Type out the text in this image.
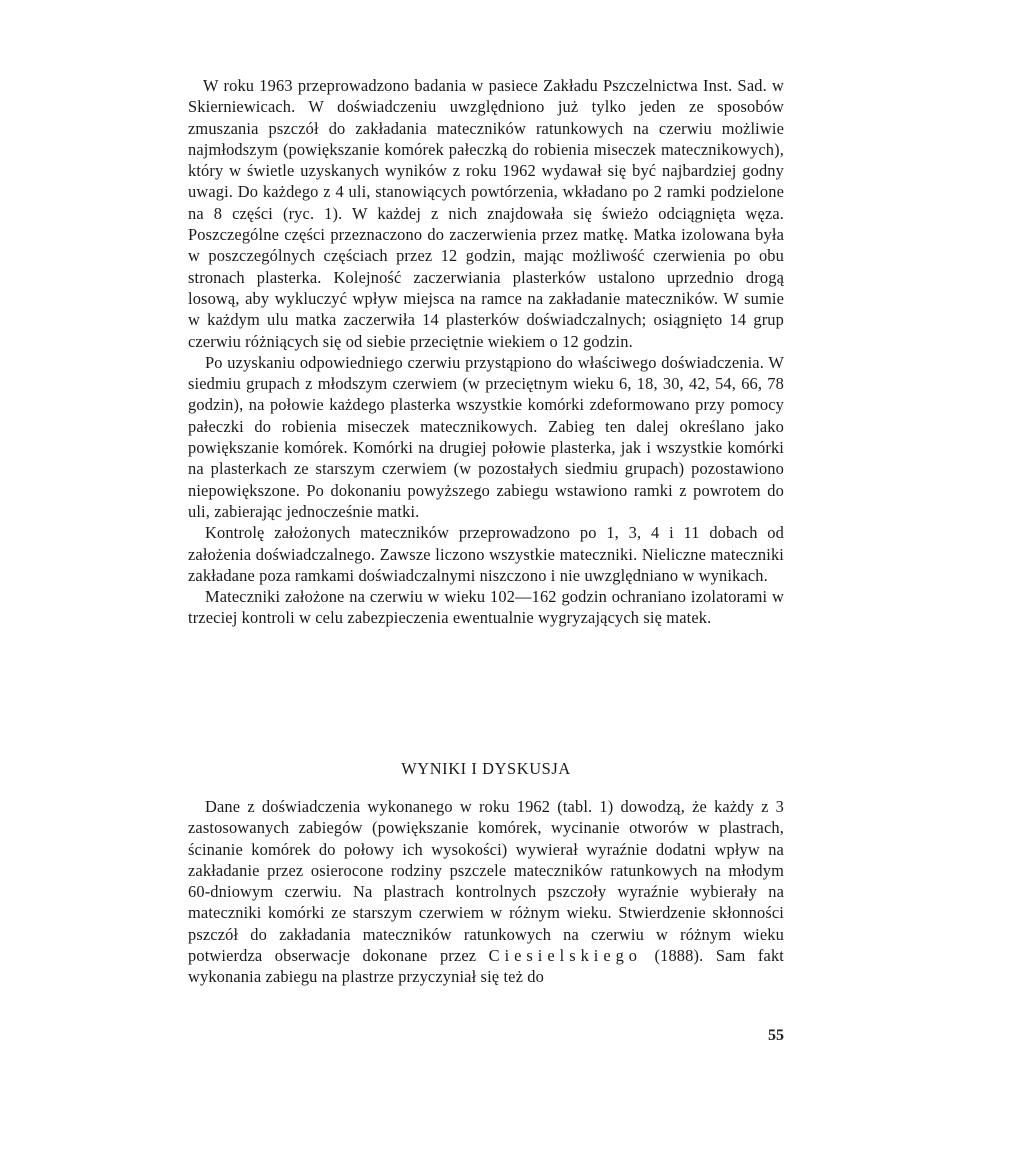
W roku 1963 przeprowadzono badania w pasiece Zakładu Pszczelnictwa Inst. Sad. w Skierniewicach. W doświadczeniu uwzględniono już tylko jeden ze sposobów zmuszania pszczół do zakładania mateczników ratunkowych na czerwiu możliwie najmłodszym (powiększanie komórek pałeczką do robienia miseczek matecznikowych), który w świetle uzyskanych wyników z roku 1962 wydawał się być najbardziej godny uwagi. Do każdego z 4 uli, stanowiących powtórzenia, wkładano po 2 ramki podzielone na 8 części (ryc. 1). W każdej z nich znajdowała się świeżo odciągnięta węza. Poszczególne części przeznaczono do zaczerwienia przez matkę. Matka izolowana była w poszczególnych częściach przez 12 godzin, mając możliwość czerwienia po obu stronach plasterka. Kolejność zaczerwiania plasterków ustalono uprzednio drogą losową, aby wykluczyć wpływ miejsca na ramce na zakładanie mateczników. W sumie w każdym ulu matka zaczerwiła 14 plasterków doświadczalnych; osiągnięto 14 grup czerwiu różniących się od siebie przeciętnie wiekiem o 12 godzin.

Po uzyskaniu odpowiedniego czerwiu przystąpiono do właściwego doświadczenia. W siedmiu grupach z młodszym czerwiem (w przeciętnym wieku 6, 18, 30, 42, 54, 66, 78 godzin), na połowie każdego plasterka wszystkie komórki zdeformowano przy pomocy pałeczki do robienia miseczek matecznikowych. Zabieg ten dalej określano jako powiększanie komórek. Komórki na drugiej połowie plasterka, jak i wszystkie komórki na plasterkach ze starszym czerwiem (w pozostałych siedmiu grupach) pozostawiono niepowiększone. Po dokonaniu powyższego zabiegu wstawiono ramki z powrotem do uli, zabierając jednocześnie matki.

Kontrolę założonych mateczników przeprowadzono po 1, 3, 4 i 11 dobach od założenia doświadczalnego. Zawsze liczono wszystkie mateczniki. Nieliczne mateczniki zakładane poza ramkami doświadczalnymi niszczono i nie uwzględniano w wynikach.

Mateczniki założone na czerwiu w wieku 102—162 godzin ochraniano izolatorami w trzeciej kontroli w celu zabezpieczenia ewentualnie wygryzających się matek.

WYNIKI I DYSKUSJA

Dane z doświadczenia wykonanego w roku 1962 (tabl. 1) dowodzą, że każdy z 3 zastosowanych zabiegów (powiększanie komórek, wycinanie otworów w plastrach, ścinanie komórek do połowy ich wysokości) wywierał wyraźnie dodatni wpływ na zakładanie przez osierocone rodziny pszczele mateczników ratunkowych na młodym 60-dniowym czerwiu. Na plastrach kontrolnych pszczoły wyraźnie wybierały na mateczniki komórki ze starszym czerwiem w różnym wieku. Stwierdzenie skłonności pszczół do zakładania mateczników ratunkowych na czerwiu w różnym wieku potwierdza obserwacje dokonane przez Ciesielskiego (1888). Sam fakt wykonania zabiegu na plastrze przyczyniał się też do

55
